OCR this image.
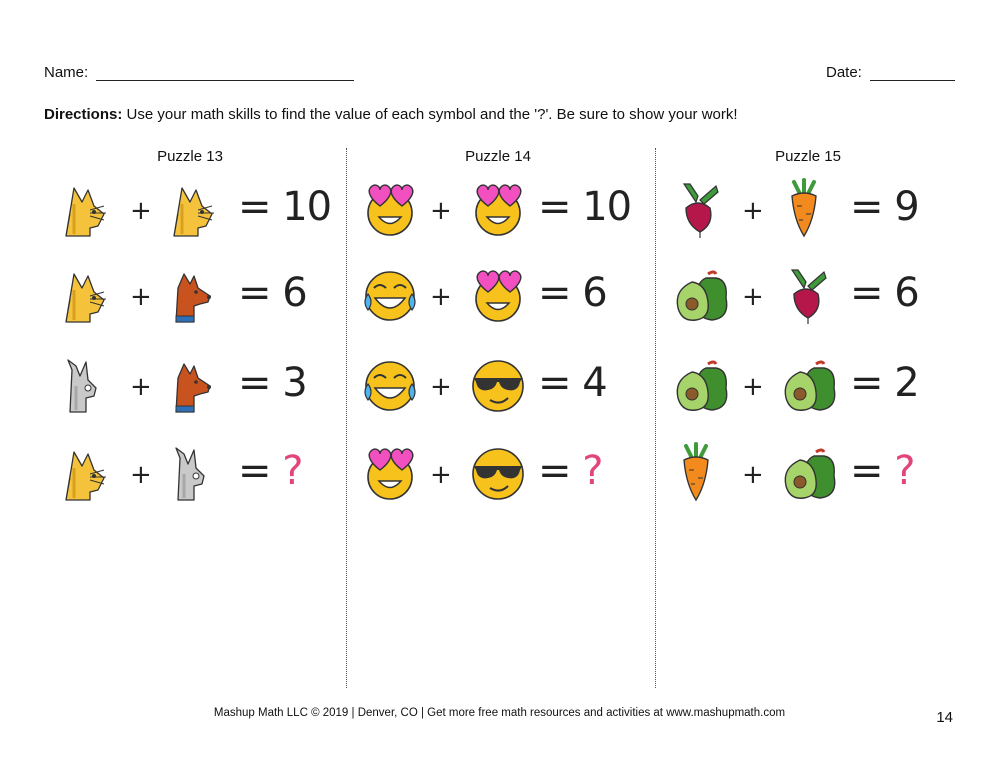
Name:	Date:
Directions: Use your math skills to find the value of each symbol and the '?'. Be sure to show your work!
Puzzle 13	Puzzle 14	Puzzle 15
+ = 10
+ = 6
+ = 3
+ = ?
+ = 10
+ = 6
+ = 4
+ = ?
+ = 9
+ = 6
+ = 2
+ = ?
Mashup Math LLC © 2019 | Denver, CO | Get more free math resources and activities at www.mashupmath.com	14
